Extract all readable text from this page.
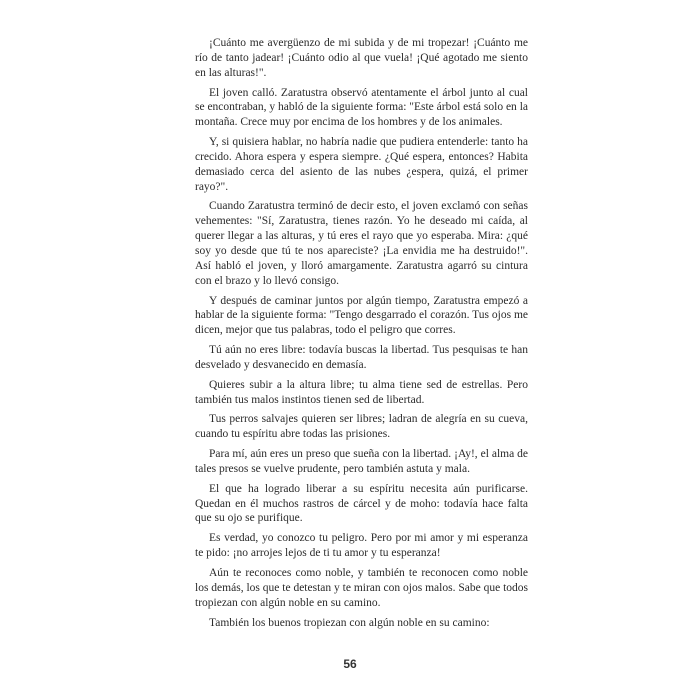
¡Cuánto me avergüenzo de mi subida y de mi tropezar! ¡Cuánto me río de tanto jadear! ¡Cuánto odio al que vuela! ¡Qué agotado me siento en las alturas!".

El joven calló. Zaratustra observó atentamente el árbol junto al cual se encontraban, y habló de la siguiente forma: "Este árbol está solo en la montaña. Crece muy por encima de los hombres y de los animales.

Y, si quisiera hablar, no habría nadie que pudiera entenderle: tanto ha crecido. Ahora espera y espera siempre. ¿Qué espera, entonces? Habita demasiado cerca del asiento de las nubes ¿espera, quizá, el primer rayo?".

Cuando Zaratustra terminó de decir esto, el joven exclamó con señas vehementes: "Sí, Zaratustra, tienes razón. Yo he deseado mi caída, al querer llegar a las alturas, y tú eres el rayo que yo esperaba. Mira: ¿qué soy yo desde que tú te nos apareciste? ¡La envidia me ha destruido!". Así habló el joven, y lloró amargamente. Zaratustra agarró su cintura con el brazo y lo llevó consigo.

Y después de caminar juntos por algún tiempo, Zaratustra empezó a hablar de la siguiente forma: "Tengo desgarrado el corazón. Tus ojos me dicen, mejor que tus palabras, todo el peligro que corres.

Tú aún no eres libre: todavía buscas la libertad. Tus pesquisas te han desvelado y desvanecido en demasía.

Quieres subir a la altura libre; tu alma tiene sed de estrellas. Pero también tus malos instintos tienen sed de libertad.

Tus perros salvajes quieren ser libres; ladran de alegría en su cueva, cuando tu espíritu abre todas las prisiones.

Para mí, aún eres un preso que sueña con la libertad. ¡Ay!, el alma de tales presos se vuelve prudente, pero también astuta y mala.

El que ha logrado liberar a su espíritu necesita aún purificarse. Quedan en él muchos rastros de cárcel y de moho: todavía hace falta que su ojo se purifique.

Es verdad, yo conozco tu peligro. Pero por mi amor y mi esperanza te pido: ¡no arrojes lejos de ti tu amor y tu esperanza!

Aún te reconoces como noble, y también te reconocen como noble los demás, los que te detestan y te miran con ojos malos. Sabe que todos tropiezan con algún noble en su camino.

También los buenos tropiezan con algún noble en su camino:

56
